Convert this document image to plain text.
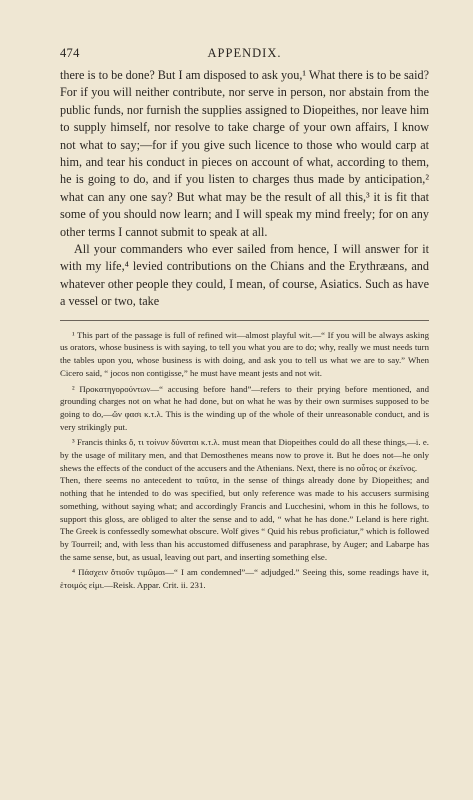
474	APPENDIX.

there is to be done? But I am disposed to ask you,¹ What there is to be said? For if you will neither contribute, nor serve in person, nor abstain from the public funds, nor furnish the supplies assigned to Diopeithes, nor leave him to supply himself, nor resolve to take charge of your own affairs, I know not what to say;—for if you give such licence to those who would carp at him, and tear his conduct in pieces on account of what, according to them, he is going to do, and if you listen to charges thus made by anticipation,² what can any one say? But what may be the result of all this,³ it is fit that some of you should now learn; and I will speak my mind freely; for on any other terms I cannot submit to speak at all.

All your commanders who ever sailed from hence, I will answer for it with my life,⁴ levied contributions on the Chians and the Erythræans, and whatever other people they could, I mean, of course, Asiatics. Such as have a vessel or two, take

¹ This part of the passage is full of refined wit—almost playful wit.—“ If you will be always asking us orators, whose business is with saying, to tell you what you are to do; why, really we must needs turn the tables upon you, whose business is with doing, and ask you to tell us what we are to say.” When Cicero said, “ jocos non contigisse,” he must have meant jests and not wit.

² Προκατηγορούντων—“ accusing before hand”—refers to their prying before mentioned, and grounding charges not on what he had done, but on what he was by their own surmises supposed to be going to do,—ὤν φασι κ.τ.λ. This is the winding up of the whole of their unreasonable conduct, and is very strikingly put.

³ Francis thinks ὅ, τι τοίνυν δύναται κ.τ.λ. must mean that Diopeithes could do all these things,—i. e. by the usage of military men, and that Demosthenes means now to prove it. But he does not—he only shews the effects of the conduct of the accusers and the Athenians. Next, there is no οὗτος or ἐκεῖνος.

Then, there seems no antecedent to ταῦτα, in the sense of things already done by Diopeithes; and nothing that he intended to do was specified, but only reference was made to his accusers surmising something, without saying what; and accordingly Francis and Lucchesini, whom in this he follows, to support this gloss, are obliged to alter the sense and to add, “ what he has done.” Leland is here right. The Greek is confessedly somewhat obscure. Wolf gives “ Quid his rebus proficiatur,” which is followed by Tourreil; and, with less than his accustomed diffuseness and paraphrase, by Auger; and Labarpe has the same sense, but, as usual, leaving out part, and inserting something else.

⁴ Πάσχειν ὅτιοῦν τιμῶμαι—“ I am condemned”—“ adjudged.” Seeing this, some readings have it, ἑτοιμός εἰμι.—Reisk. Appar. Crit. ii. 231.
